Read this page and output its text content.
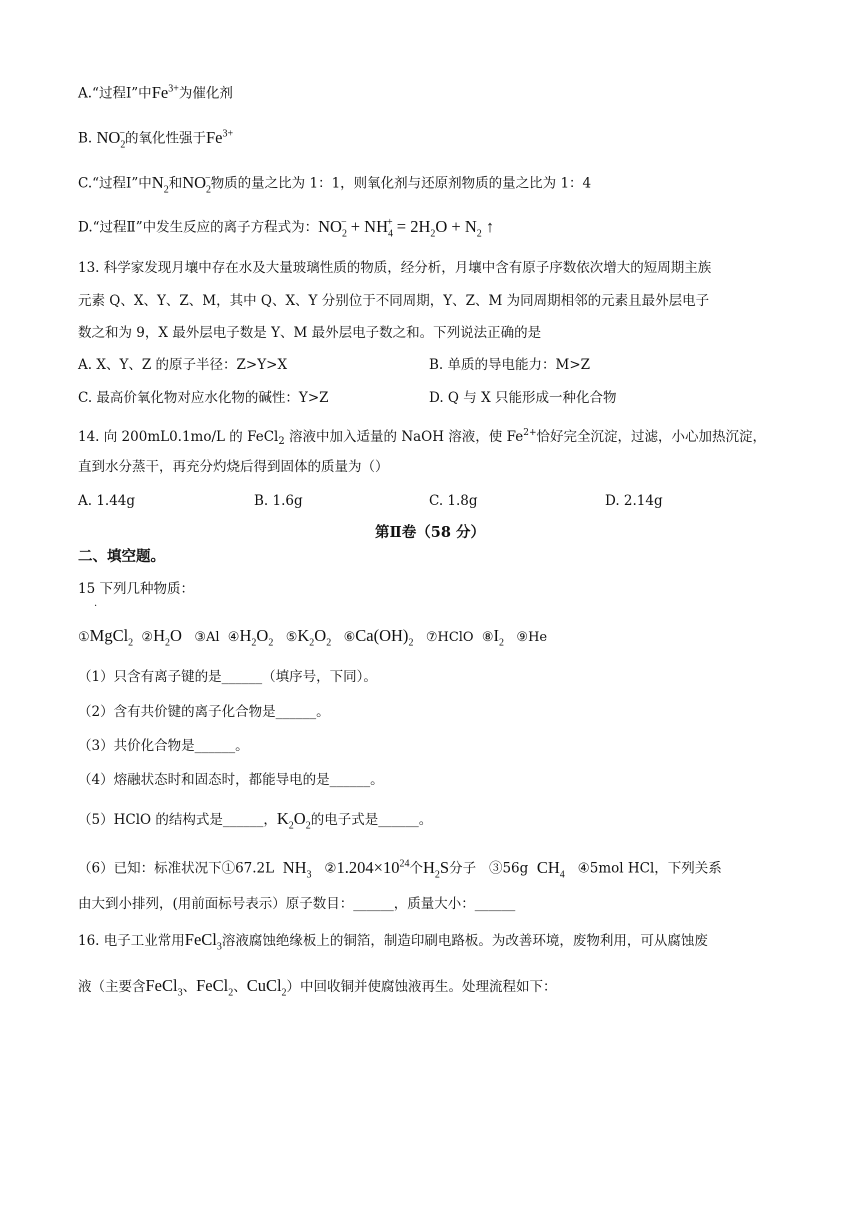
A.“过程Ⅰ”中$Fe^{3+}$为催化剂
B. $NO_2^-$的氧化性强于$Fe^{3+}$
C.“过程Ⅰ”中$N_2$和$NO_2^-$物质的量之比为 1：1，则氧化剂与还原剂物质的量之比为 1：4
D.“过程Ⅱ”中发生反应的离子方程式为：$NO_2^- + NH_4^+ = 2H_2O + N_2$ ↑
13. 科学家发现月壤中存在水及大量玻璃性质的物质，经分析，月壤中含有原子序数依次增大的短周期主族
元素 Q、X、Y、Z、M，其中 Q、X、Y 分别位于不同周期，Y、Z、M 为同周期相邻的元素且最外层电子
数之和为 9，X 最外层电子数是 Y、M 最外层电子数之和。下列说法正确的是
A. X、Y、Z 的原子半径：Z>Y>X	B. 单质的导电能力：M>Z
C. 最高价氧化物对应水化物的碱性：Y>Z	D. Q 与 X 只能形成一种化合物
14. 向 200mL0.1mo/L 的 FeCl$_2$ 溶液中加入适量的 NaOH 溶液，使 $Fe^{2+}$恰好完全沉淀，过滤，小心加热沉淀，
直到水分蒸干，再充分灼烧后得到固体的质量为（）
A. 1.44g	B. 1.6g	C. 1.8g	D. 2.14g
第Ⅱ卷（58 分）
二、填空题。
15 下列几种物质：
.
①MgCl$_2$  $②H_2O$   ③Al  $④H_2O_2$   $⑤K_2O_2$   $⑥Ca(OH)_2$   ⑦HClO  $⑧I_2$   ⑨He
（1）只含有离子键的是______（填序号，下同）。
（2）含有共价键的离子化合物是______。
（3）共价化合物是______。
（4）熔融状态时和固态时，都能导电的是______。
（5）HClO 的结构式是______，$K_2O_2$的电子式是______。
（6）已知：标准状况下①67.2L  $NH_3$   $②1.204\times 10^{24}$个$H_2S$分子   ③56g  $CH_4$   ④5mol HCl，下列关系
由大到小排列，(用前面标号表示）原子数目：______，质量大小：______
16. 电子工业常用FeCl$_3$溶液腐蚀绝缘板上的铜箔，制造印刷电路板。为改善环境，废物利用，可从腐蚀废
液（主要含FeCl$_3$、FeCl$_2$、CuCl$_2$）中回收铜并使腐蚀液再生。处理流程如下：
